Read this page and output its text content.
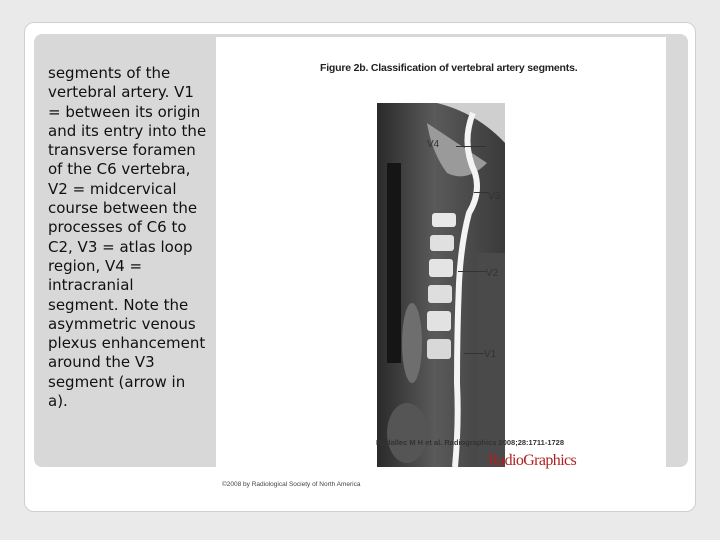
segments of the vertebral artery. V1 = between its origin and its entry into the transverse foramen of the C6 vertebra, V2 = midcervical course between the processes of C6 to C2, V3 = atlas loop region, V4 = intracranial segment. Note the asymmetric venous plexus enhancement around the V3 segment (arrow in a).
Figure 2b. Classification of vertebral artery segments.
V4
V3
V2
V1
Rodallec M H et al. Radiographics 2008;28:1711-1728
RadioGraphics
©2008 by Radiological Society of North America
